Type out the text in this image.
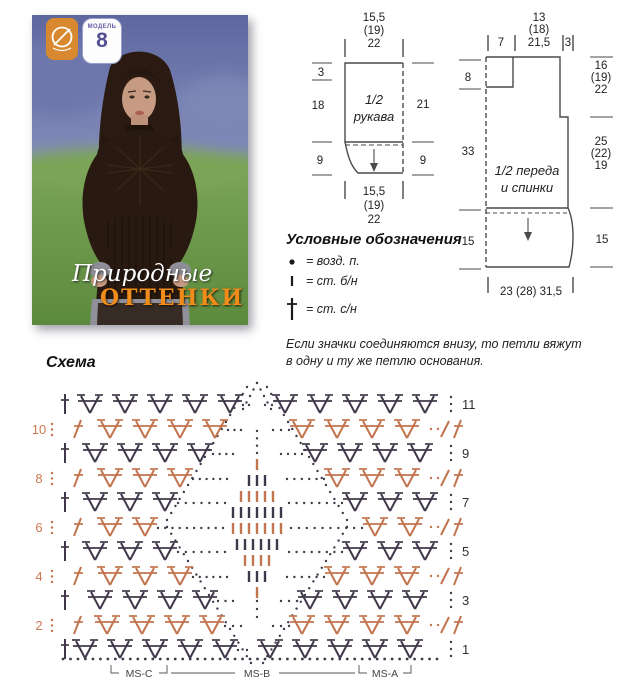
МОДЕЛЬ
8
Природные
ОТТЕНКИ
15,5
(19)
22
3
18
9
21
9
15,5
(19)
22
1/2
рукава
13
(18)
21,5
7	3
8
33
15
16
(19)
22
25
(22)
19
15
23 (28) 31,5
1/2 переда
и спинки
Условные обозначения
= возд. п.
= ст. б/н
= ст. с/н
Если значки соединяются внизу, то петли вяжут
в одну и ту же петлю основания.
Схема
11
10
9
8
7
6
5
4
3
2
1
MS-C	MS-B	MS-A
